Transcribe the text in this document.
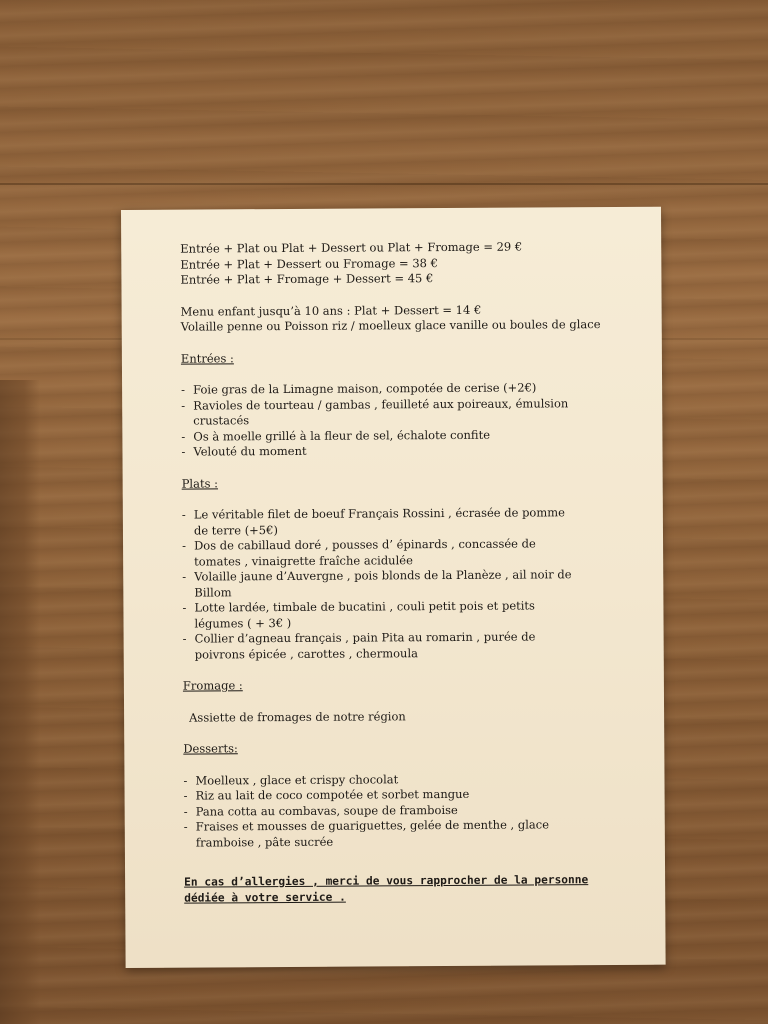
Entrée + Plat ou Plat + Dessert ou Plat + Fromage = 29 €

Entrée + Plat + Dessert ou Fromage = 38 €

Entrée + Plat + Fromage + Dessert = 45 €

Menu enfant jusqu’à 10 ans : Plat + Dessert = 14 €

Volaille penne ou Poisson riz / moelleux glace vanille ou boules de glace

Entrées :

- Foie gras de la Limagne maison, compotée de cerise (+2€)
- Ravioles de tourteau / gambas , feuilleté aux poireaux, émulsion
crustacés
- Os à moelle grillé à la fleur de sel, échalote confite
- Velouté du moment

Plats :

- Le véritable filet de boeuf Français Rossini , écrasée de pomme
de terre (+5€)
- Dos de cabillaud doré , pousses d’ épinards , concassée de
tomates , vinaigrette fraîche acidulée
- Volaille jaune d’Auvergne , pois blonds de la Planèze , ail noir de
Billom
- Lotte lardée, timbale de bucatini , couli petit pois et petits
légumes ( + 3€ )
- Collier d’agneau français , pain Pita au romarin , purée de
poivrons épicée , carottes , chermoula

Fromage :

Assiette de fromages de notre région

Desserts:

- Moelleux , glace et crispy chocolat
- Riz au lait de coco compotée et sorbet mangue
- Pana cotta au combavas, soupe de framboise
- Fraises et mousses de guariguettes, gelée de menthe , glace
framboise , pâte sucrée

En cas d’allergies , merci de vous rapprocher de la personne

dédiée à votre service .
